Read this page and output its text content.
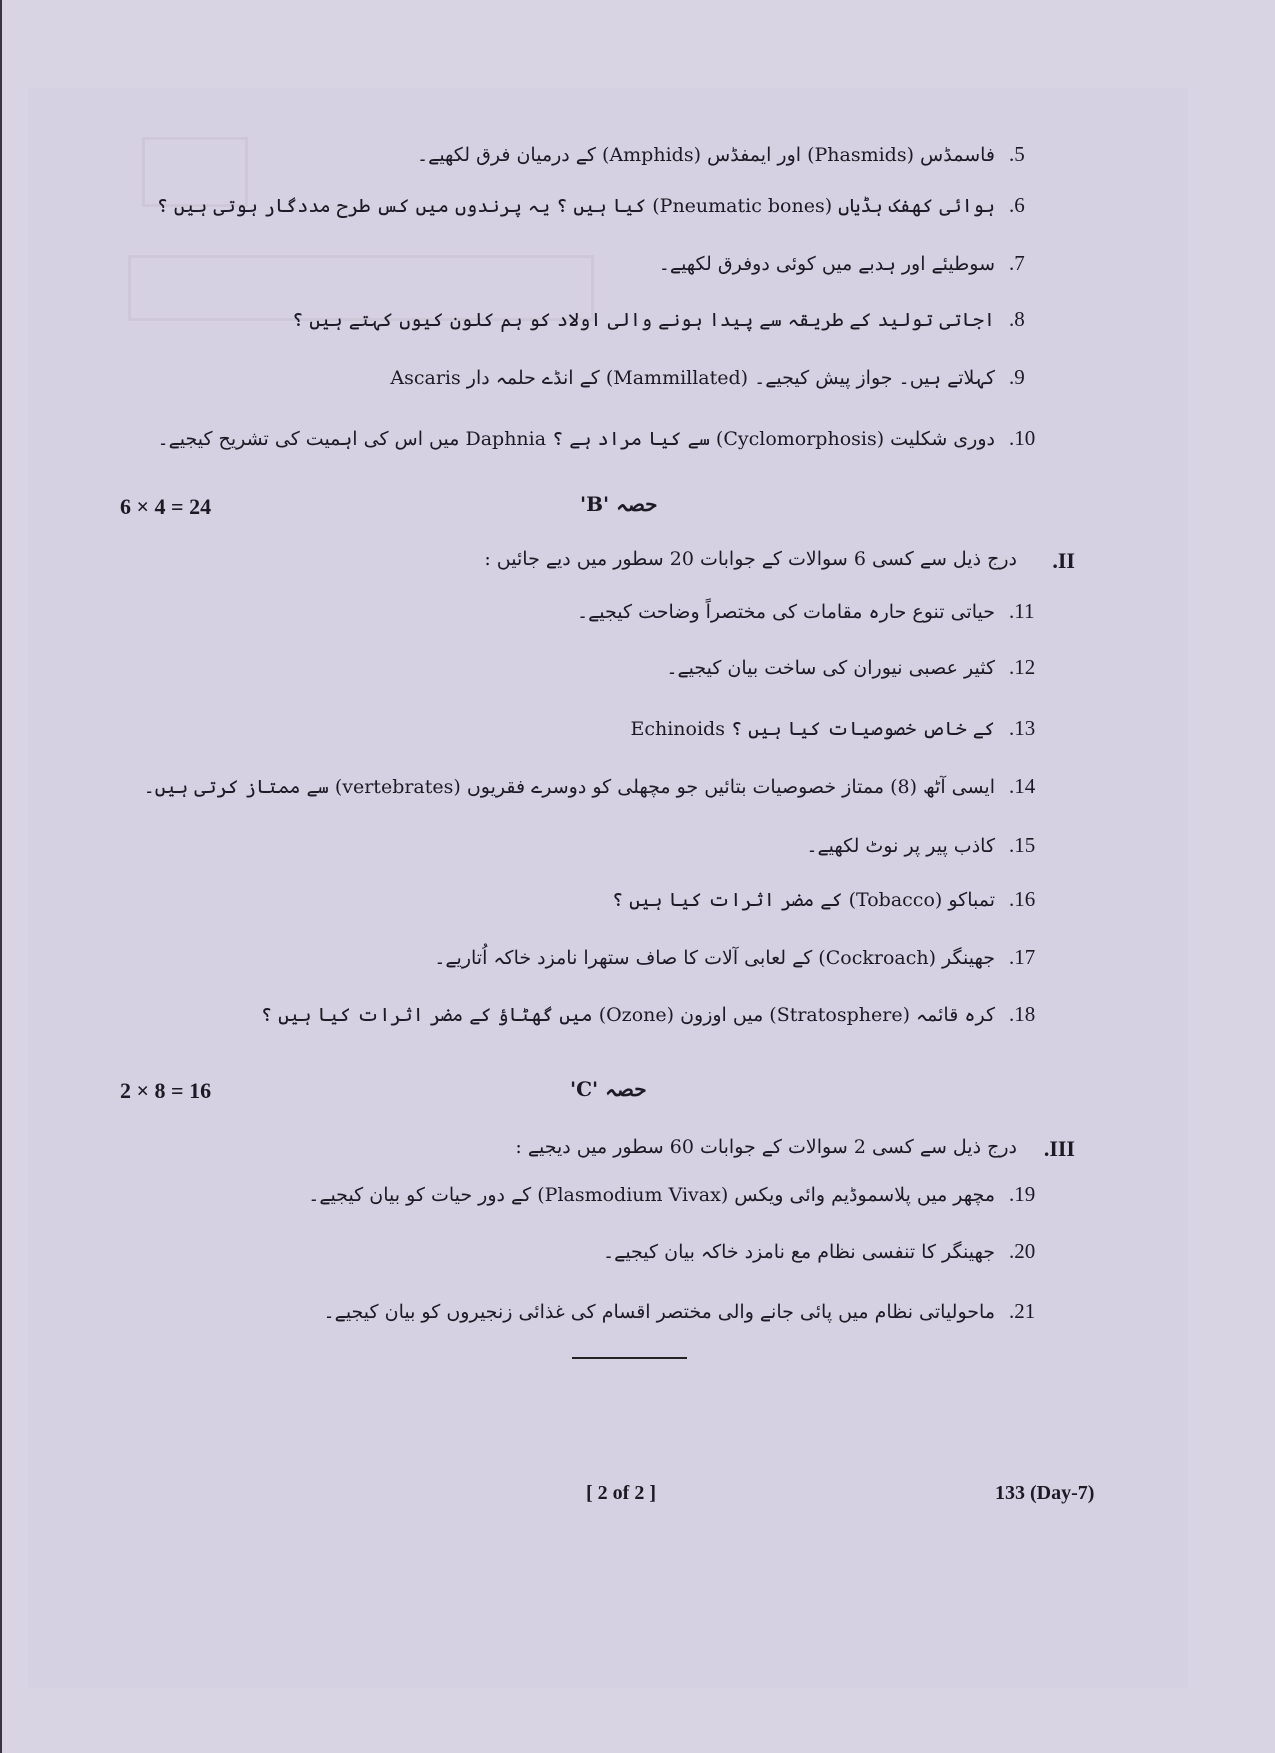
.5فاسمڈس (Phasmids) اور ایمفڈس (Amphids) کے درمیان فرق لکھیے۔
.6ہوائی کھفک ہڈیاں (Pneumatic bones) کیا ہیں ؟ یہ پرندوں میں کس طرح مددگار ہوتی ہیں ؟
.7سوطیئے اور ہدبے میں کوئی دوفرق لکھیے۔
.8اجاتی تولید کے طریقہ سے پیدا ہونے والی اولاد کو ہم کلون کیوں کہتے ہیں ؟
.9Ascaris کے انڈے حلمہ دار (Mammillated) کہلاتے ہیں۔ جواز پیش کیجیے۔
.10دوری شکلیت (Cyclomorphosis) سے کیا مراد ہے ؟ Daphnia میں اس کی اہمیت کی تشریح کیجیے۔
6 × 4 = 24	حصہ 'B'
درج ذیل سے کسی 6 سوالات کے جوابات 20 سطور میں دیے جائیں : .II
.11حیاتی تنوع حارہ مقامات کی مختصراً وضاحت کیجیے۔
.12کثیر عصبی نیوران کی ساخت بیان کیجیے۔
.13Echinoids کے خاص خصوصیات کیا ہیں ؟
.14ایسی آٹھ (8) ممتاز خصوصیات بتائیں جو مچھلی کو دوسرے فقریوں (vertebrates) سے ممتاز کرتی ہیں۔
.15کاذب پیر پر نوٹ لکھیے۔
.16تمباکو (Tobacco) کے مضر اثرات کیا ہیں ؟
.17جھینگر (Cockroach) کے لعابی آلات کا صاف ستھرا نامزد خاکہ اُتاریے۔
.18کرہ قائمہ (Stratosphere) میں اوزون (Ozone) میں گھٹاؤ کے مضر اثرات کیا ہیں ؟
2 × 8 = 16	حصہ 'C'
درج ذیل سے کسی 2 سوالات کے جوابات 60 سطور میں دیجیے : .III
.19مچھر میں پلاسموڈیم وائی ویکس (Plasmodium Vivax) کے دور حیات کو بیان کیجیے۔
.20جھینگر کا تنفسی نظام مع نامزد خاکہ بیان کیجیے۔
.21ماحولیاتی نظام میں پائی جانے والی مختصر اقسام کی غذائی زنجیروں کو بیان کیجیے۔
[ 2 of 2 ]	133 (Day-7)
